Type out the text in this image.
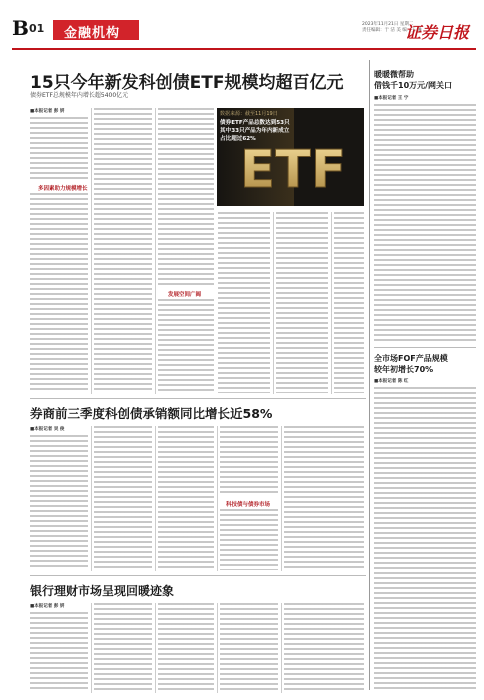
B 01 金融机构
2023年11月21日 星期二
责任编辑：于 洁 美 编：王 琳
证券日报
15只今年新发科创债ETF规模均超百亿元
债券ETF总规模年内增长超5400亿元
■本报记者 彭 妍
多因素助力规模增长
发展空间广阔
数据来源：截至11月19日
债券ETF产品总数达到53只
其中33只产品为年内新成立
占比超过62%
ETF
暖暖微帮助
借钱千10万元/网关口
■本报记者 王 宁
全市场FOF产品规模
较年初增长70%
■本报记者 陈 红
券商前三季度科创债承销额同比增长近58%
■本报记者 吴 俊
科技债与债券市场
银行理财市场呈现回暖迹象
■本报记者 彭 妍
